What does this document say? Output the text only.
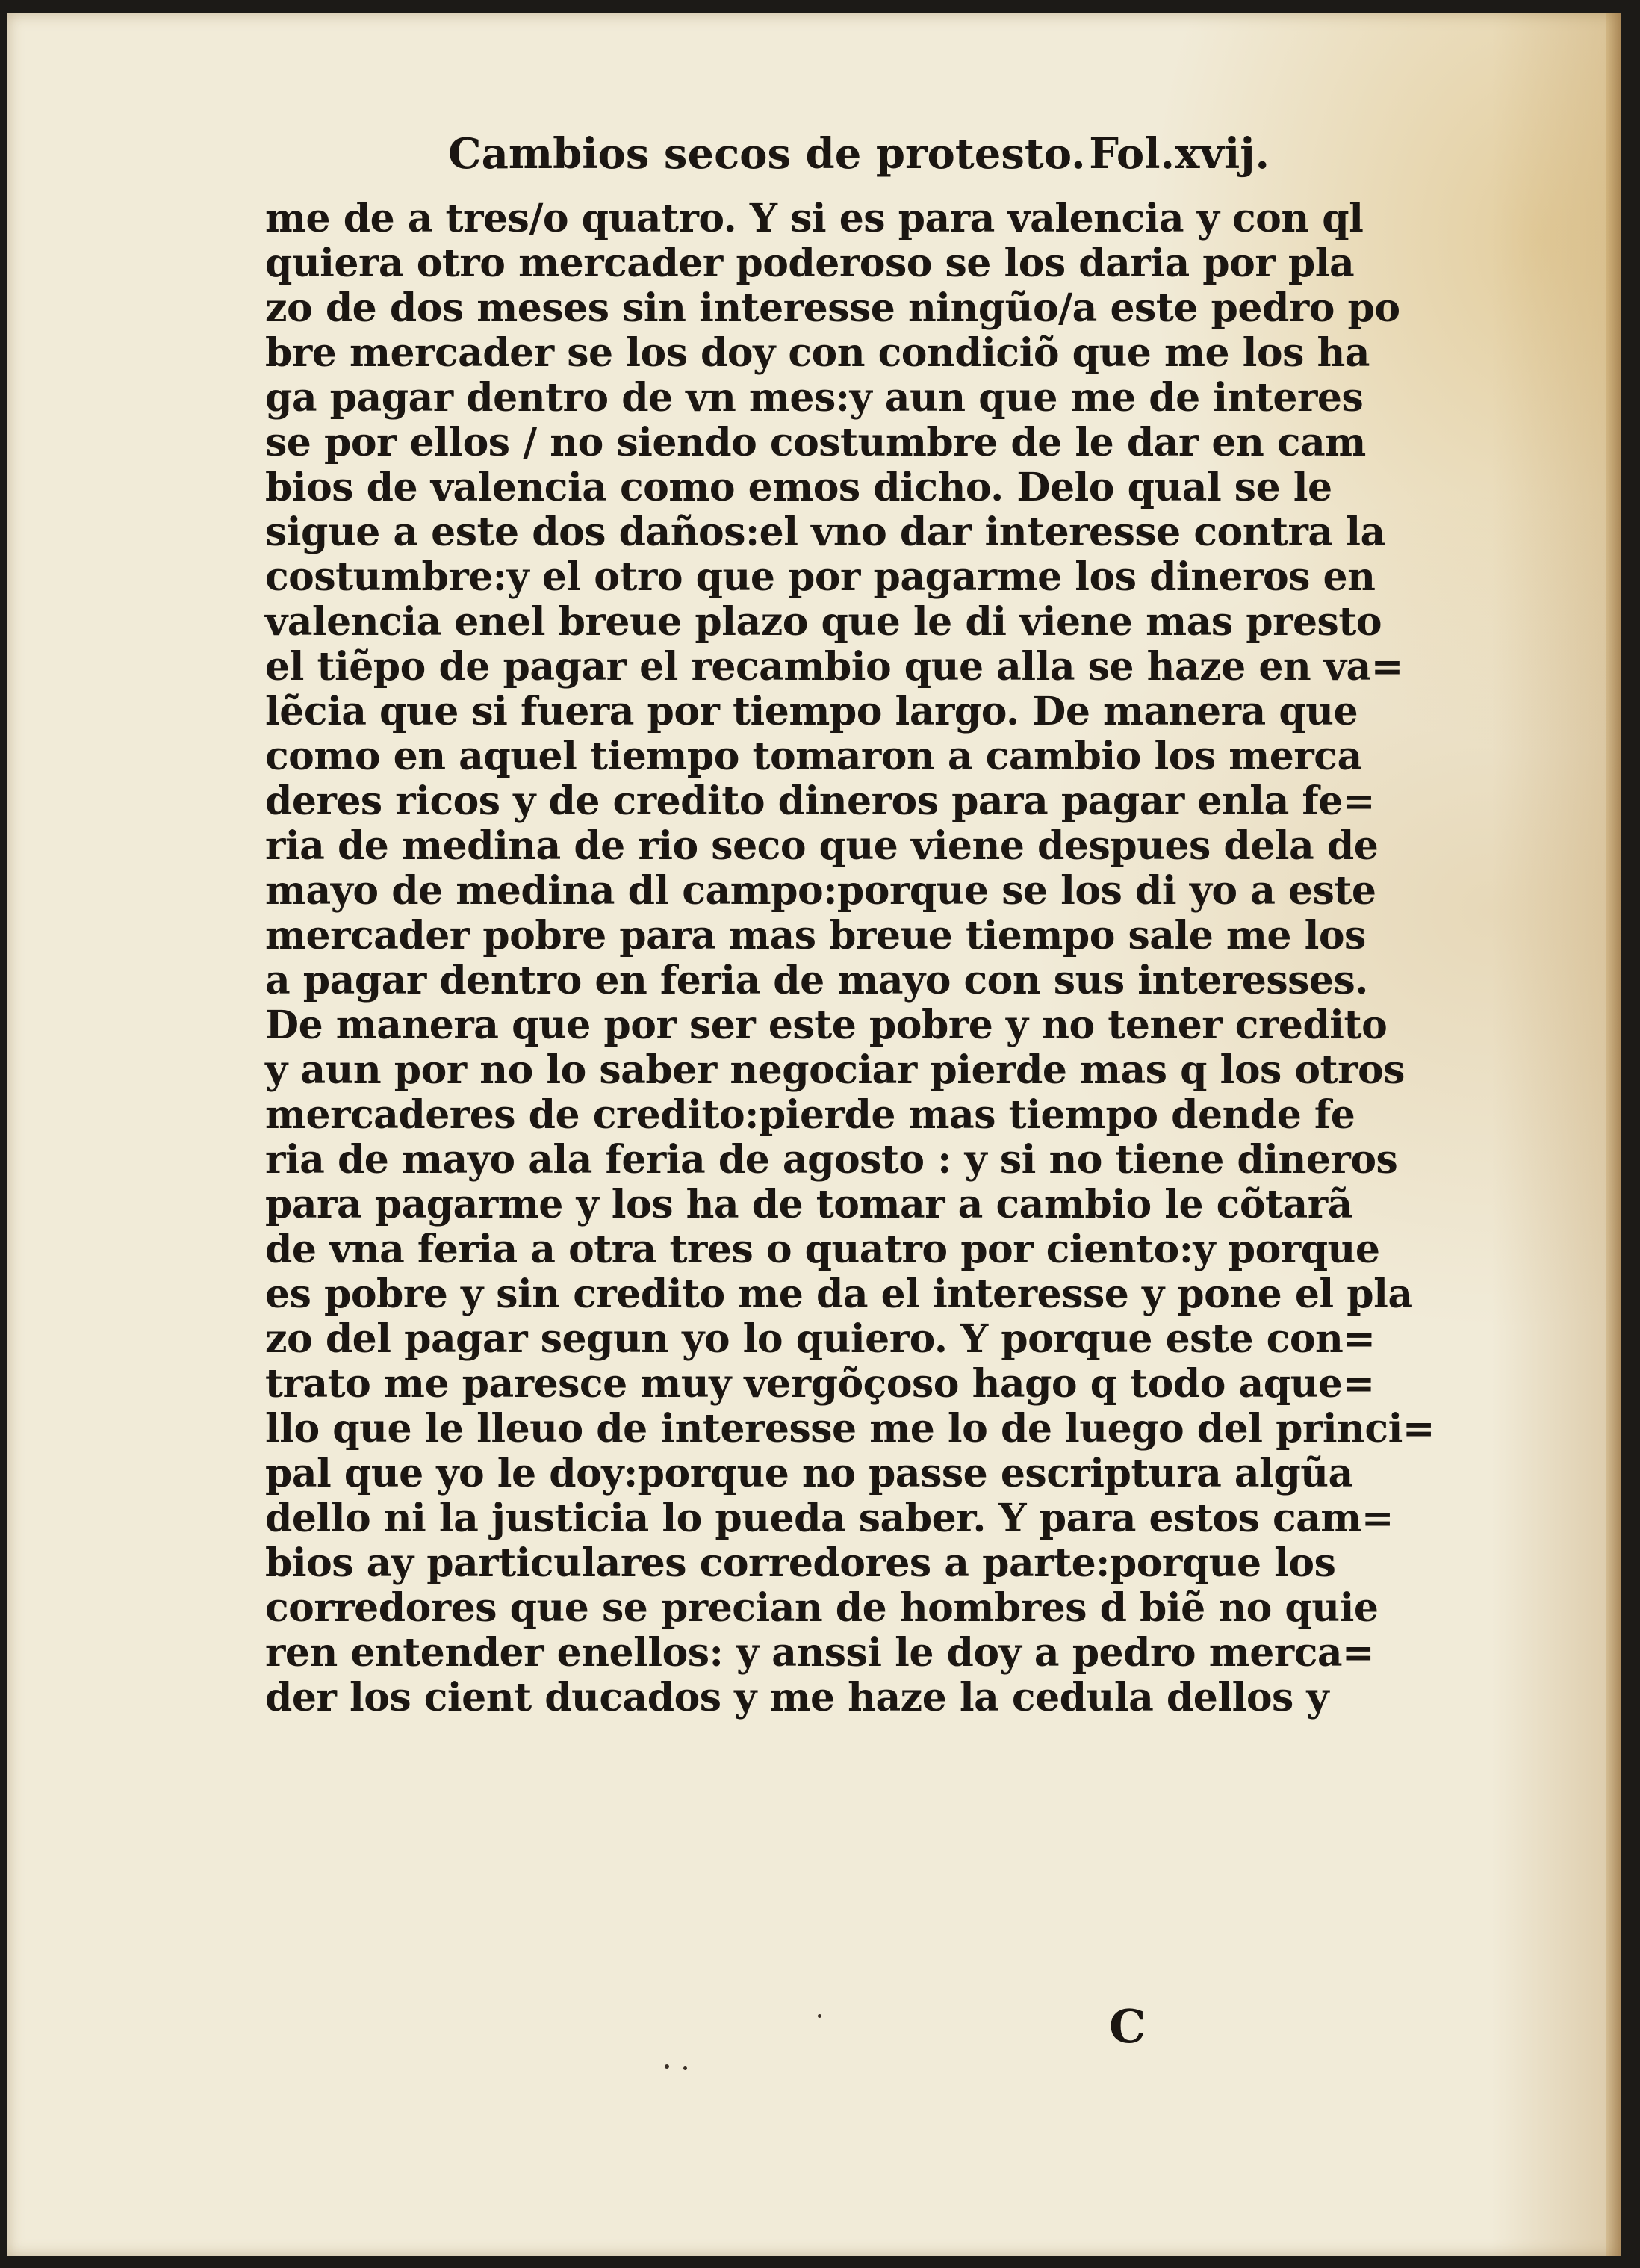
Cambios secos de protesto. Fol.xvij.
me de a tres/o quatro. Y si es para valencia y con ql
quiera otro mercader poderoso se los daria por pla
zo de dos meses sin interesse ningũo/a este pedro po
bre mercader se los doy con condiciõ que me los ha
ga pagar dentro de vn mes:y aun que me de interes
se por ellos / no siendo costumbre de le dar en cam
bios de valencia como emos dicho. Delo qual se le
sigue a este dos daños:el vno dar interesse contra la
costumbre:y el otro que por pagarme los dineros en
valencia enel breue plazo que le di viene mas presto
el tiẽpo de pagar el recambio que alla se haze en va=
lẽcia que si fuera por tiempo largo. De manera que
como en aquel tiempo tomaron a cambio los merca
deres ricos y de credito dineros para pagar enla fe=
ria de medina de rio seco que viene despues dela de
mayo de medina dl campo:porque se los di yo a este
mercader pobre para mas breue tiempo sale me los
a pagar dentro en feria de mayo con sus interesses.
De manera que por ser este pobre y no tener credito
y aun por no lo saber negociar pierde mas q los otros
mercaderes de credito:pierde mas tiempo dende fe
ria de mayo ala feria de agosto : y si no tiene dineros
para pagarme y los ha de tomar a cambio le cõtarã
de vna feria a otra tres o quatro por ciento:y porque
es pobre y sin credito me da el interesse y pone el pla
zo del pagar segun yo lo quiero. Y porque este con=
trato me paresce muy vergõçoso hago q todo aque=
llo que le lleuo de interesse me lo de luego del princi=
pal que yo le doy:porque no passe escriptura algũa
dello ni la justicia lo pueda saber. Y para estos cam=
bios ay particulares corredores a parte:porque los
corredores que se precian de hombres d biẽ no quie
ren entender enellos: y anssi le doy a pedro merca=
der los cient ducados y me haze la cedula dellos y
C
